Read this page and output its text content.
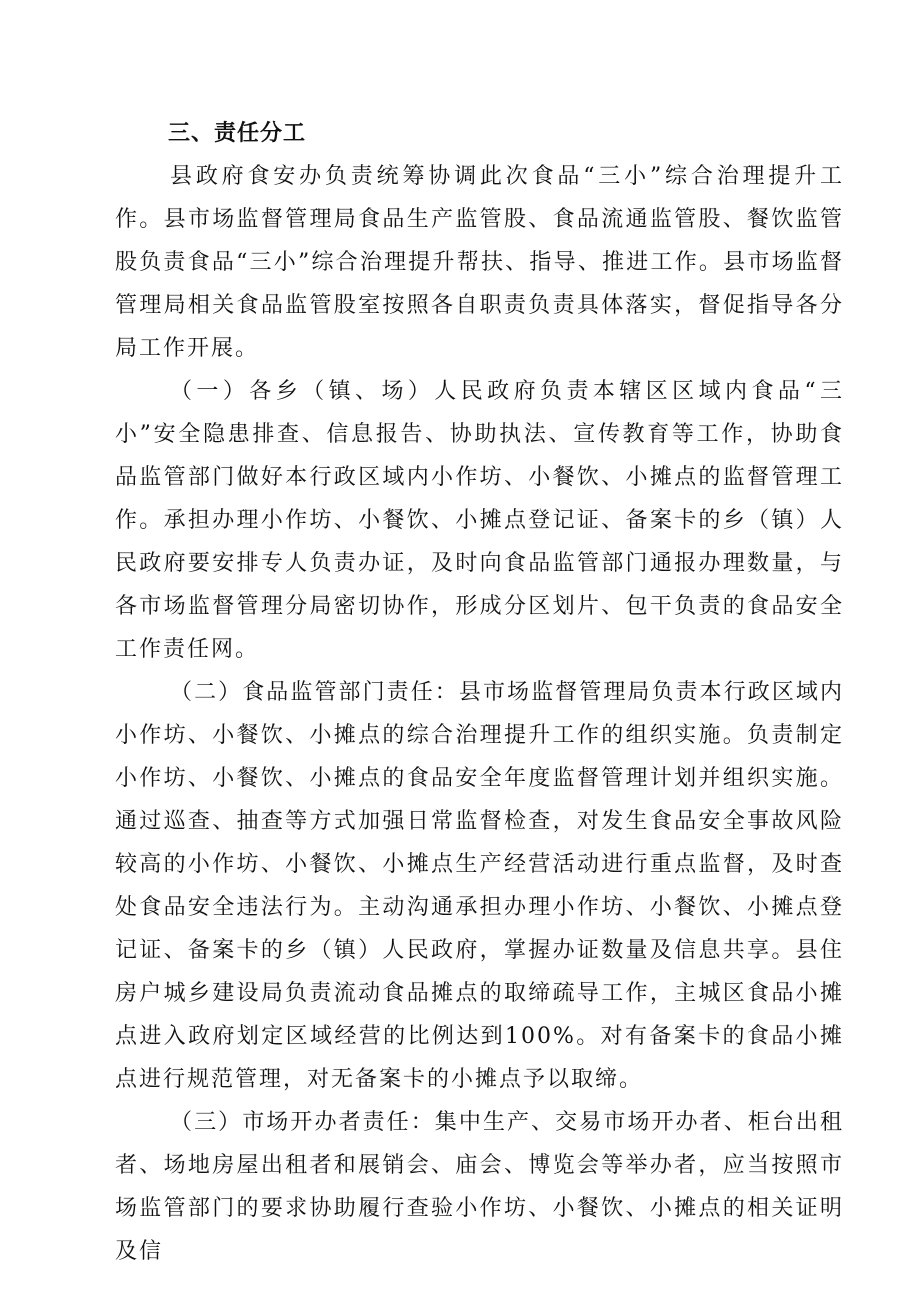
三、责任分工

县政府食安办负责统筹协调此次食品“三小”综合治理提升工作。县市场监督管理局食品生产监管股、食品流通监管股、餐饮监管股负责食品“三小”综合治理提升帮扶、指导、推进工作。县市场监督管理局相关食品监管股室按照各自职责负责具体落实，督促指导各分局工作开展。

（一）各乡（镇、场）人民政府负责本辖区区域内食品“三小”安全隐患排查、信息报告、协助执法、宣传教育等工作，协助食品监管部门做好本行政区域内小作坊、小餐饮、小摊点的监督管理工作。承担办理小作坊、小餐饮、小摊点登记证、备案卡的乡（镇）人民政府要安排专人负责办证，及时向食品监管部门通报办理数量，与各市场监督管理分局密切协作，形成分区划片、包干负责的食品安全工作责任网。

（二）食品监管部门责任：县市场监督管理局负责本行政区域内小作坊、小餐饮、小摊点的综合治理提升工作的组织实施。负责制定小作坊、小餐饮、小摊点的食品安全年度监督管理计划并组织实施。通过巡查、抽查等方式加强日常监督检查，对发生食品安全事故风险较高的小作坊、小餐饮、小摊点生产经营活动进行重点监督，及时查处食品安全违法行为。主动沟通承担办理小作坊、小餐饮、小摊点登记证、备案卡的乡（镇）人民政府，掌握办证数量及信息共享。县住房户城乡建设局负责流动食品摊点的取缔疏导工作，主城区食品小摊点进入政府划定区域经营的比例达到100%。对有备案卡的食品小摊点进行规范管理，对无备案卡的小摊点予以取缔。

（三）市场开办者责任：集中生产、交易市场开办者、柜台出租者、场地房屋出租者和展销会、庙会、博览会等举办者，应当按照市场监管部门的要求协助履行查验小作坊、小餐饮、小摊点的相关证明及信
